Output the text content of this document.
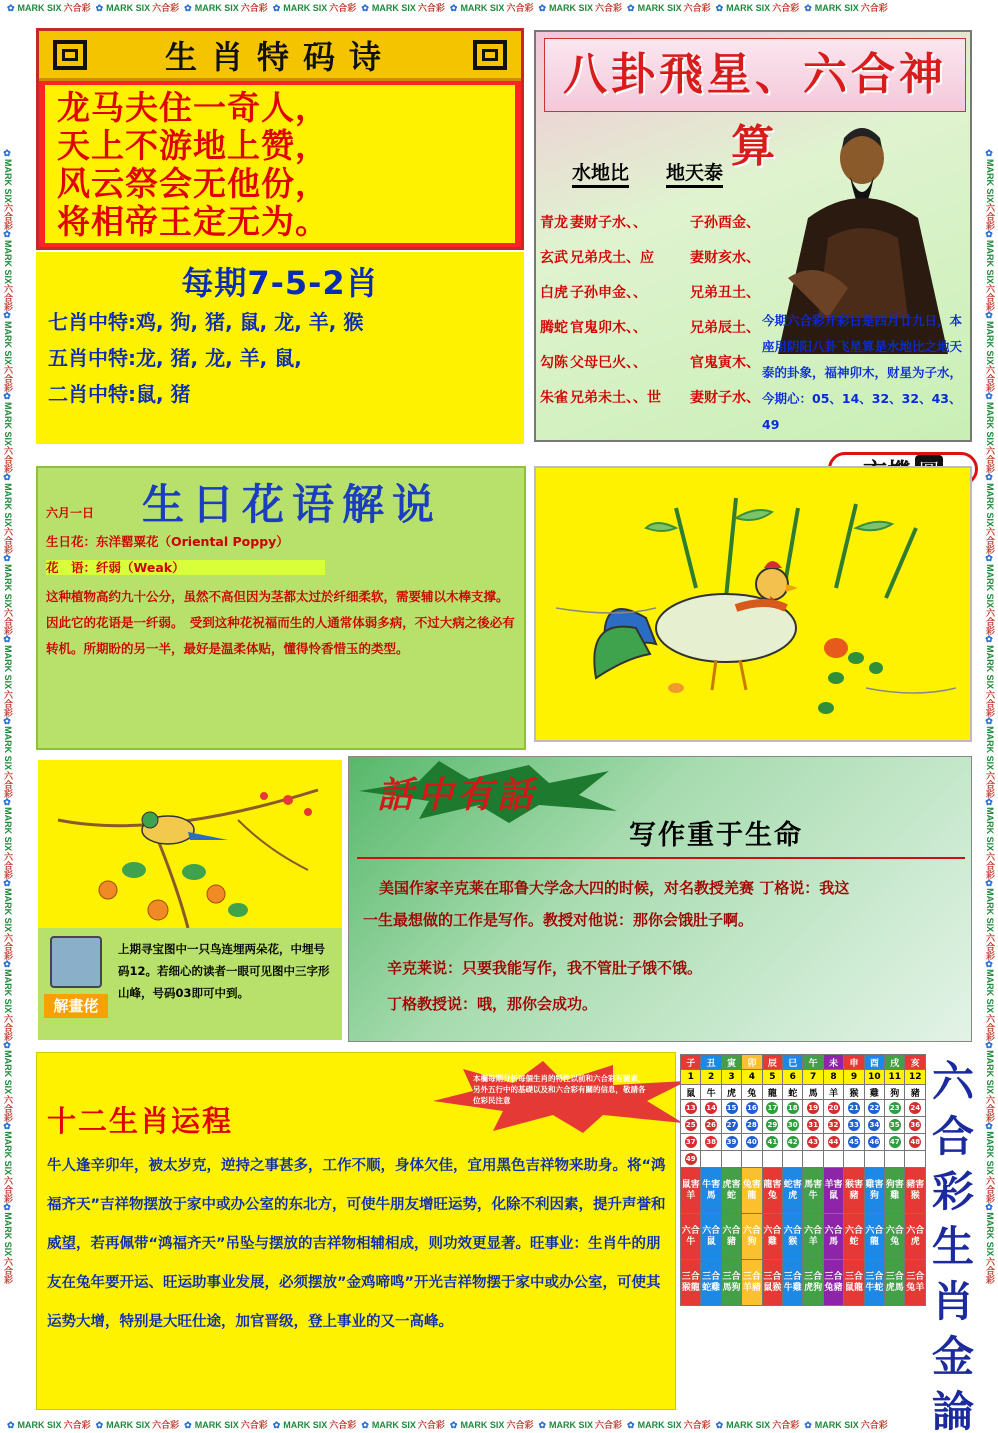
✿ MARK SIX 六合彩 ✿ MARK SIX 六合彩 ✿ MARK SIX 六合彩 ✿ MARK SIX 六合彩 ✿ MARK SIX 六合彩 ✿ MARK SIX 六合彩 ✿ MARK SIX 六合彩 ✿ MARK SIX 六合彩 ✿ MARK SIX 六合彩 ✿ MARK SIX 六合彩
✿ MARK SIX 六合彩 ✿ MARK SIX 六合彩 ✿ MARK SIX 六合彩 ✿ MARK SIX 六合彩 ✿ MARK SIX 六合彩 ✿ MARK SIX 六合彩 ✿ MARK SIX 六合彩 ✿ MARK SIX 六合彩 ✿ MARK SIX 六合彩 ✿ MARK SIX 六合彩
✿MARK SIX六合彩✿MARK SIX六合彩✿MARK SIX六合彩✿MARK SIX六合彩✿MARK SIX六合彩✿MARK SIX六合彩✿MARK SIX六合彩✿MARK SIX六合彩✿MARK SIX六合彩✿MARK SIX六合彩✿MARK SIX六合彩✿MARK SIX六合彩✿MARK SIX六合彩✿MARK SIX六合彩
✿MARK SIX六合彩✿MARK SIX六合彩✿MARK SIX六合彩✿MARK SIX六合彩✿MARK SIX六合彩✿MARK SIX六合彩✿MARK SIX六合彩✿MARK SIX六合彩✿MARK SIX六合彩✿MARK SIX六合彩✿MARK SIX六合彩✿MARK SIX六合彩✿MARK SIX六合彩✿MARK SIX六合彩
生肖特码诗
龙马夫住一奇人，
天上不游地上赞，
风云祭会无他份，
将相帝王定无为。
八卦飛星、六合神算
水地比 地天泰
青龙 妻财子水、、	子孙酉金、
玄武 兄弟戌土、应	妻财亥水、
白虎 子孙申金、、	兄弟丑土、
腾蛇 官鬼卯木、、	兄弟辰土、
勾陈 父母巳火、、	官鬼寅木、
朱雀 兄弟未土、、世	妻财子水、
今期六合彩开彩日是四月廿九日，本座用阴阳八卦飞星算是水地比之地天泰的卦象，福神卯木，财星为子水，今期心：05、14、32、32、43、49
每期7-5-2肖
七肖中特:鸡, 狗, 猪, 鼠, 龙, 羊, 猴
五肖中特:龙, 猪, 龙, 羊, 鼠,
二肖中特:鼠, 猪
六月一日 生日花语解说
生日花：东洋罂粟花（Oriental Poppy）
花　语：纤弱（Weak）
这种植物高约九十公分，虽然不高但因为茎都太过於纤细柔软，需要辅以木棒支撑。因此它的花语是一纤弱。　受到这种花祝福而生的人通常体弱多病，不过大病之後必有转机。所期盼的另一半，最好是温柔体贴，懂得怜香惜玉的类型。
解畫佬
上期寻宝图中一只鸟连埋两朵花，中埋号码12。若细心的读者一眼可见图中三字形山峰，号码03即可中到。
話中有話
写作重于生命
美国作家辛克莱在耶鲁大学念大四的时候，对名教授羌赛 丁格说：我这
一生最想做的工作是写作。教授对他说：那你会饿肚子啊。
辛克莱说：只要我能写作，我不管肚子饿不饿。
丁格教授说：哦，那你会成功。
本欄每期分析每個生肖的特性以前和六合彩有關素，另外五行中的基礎以及和六合彩有關的信息，敬請各位彩民注意
十二生肖运程
牛人逢辛卯年，被太岁克，逆持之事甚多，工作不顺，身体欠佳，宜用黑色吉祥物来助身。将“鸿福齐天”吉祥物摆放于家中或办公室的东北方，可使牛朋友增旺运势，化除不利因素，提升声誉和威望，若再佩带“鸿福齐天”吊坠与摆放的吉祥物相辅相成，则功效更显著。旺事业：生肖牛的朋友在兔年要开运、旺运助事业发展，必须摆放”金鸡啼鸣”开光吉祥物摆于家中或办公室，可使其运势大增，特别是大旺仕途，加官晋级，登上事业的又一高峰。
子	丑	寅	卯	辰	巳	午	未	申	酉	戌	亥
1	2	3	4	5	6	7	8	9	10	11	12
鼠	牛	虎	兔	龍	蛇	馬	羊	猴	雞	狗	豬
13	14	15	16	17	18	19	20	21	22	23	24
25	26	27	28	29	30	31	32	33	34	35	36
37	38	39	40	41	42	43	44	45	46	47	48
49											
鼠害羊	牛害馬	虎害蛇	兔害龍	龍害兔	蛇害虎	馬害牛	羊害鼠	猴害豬	雞害狗	狗害雞	豬害猴
六合牛	六合鼠	六合豬	六合狗	六合雞	六合猴	六合羊	六合馬	六合蛇	六合龍	六合兔	六合虎
三合猴龍	三合蛇雞	三合馬狗	三合羊豬	三合鼠猴	三合牛雞	三合虎狗	三合兔豬	三合鼠龍	三合牛蛇	三合虎馬	三合兔羊
六
合
彩
生
肖
金
論
